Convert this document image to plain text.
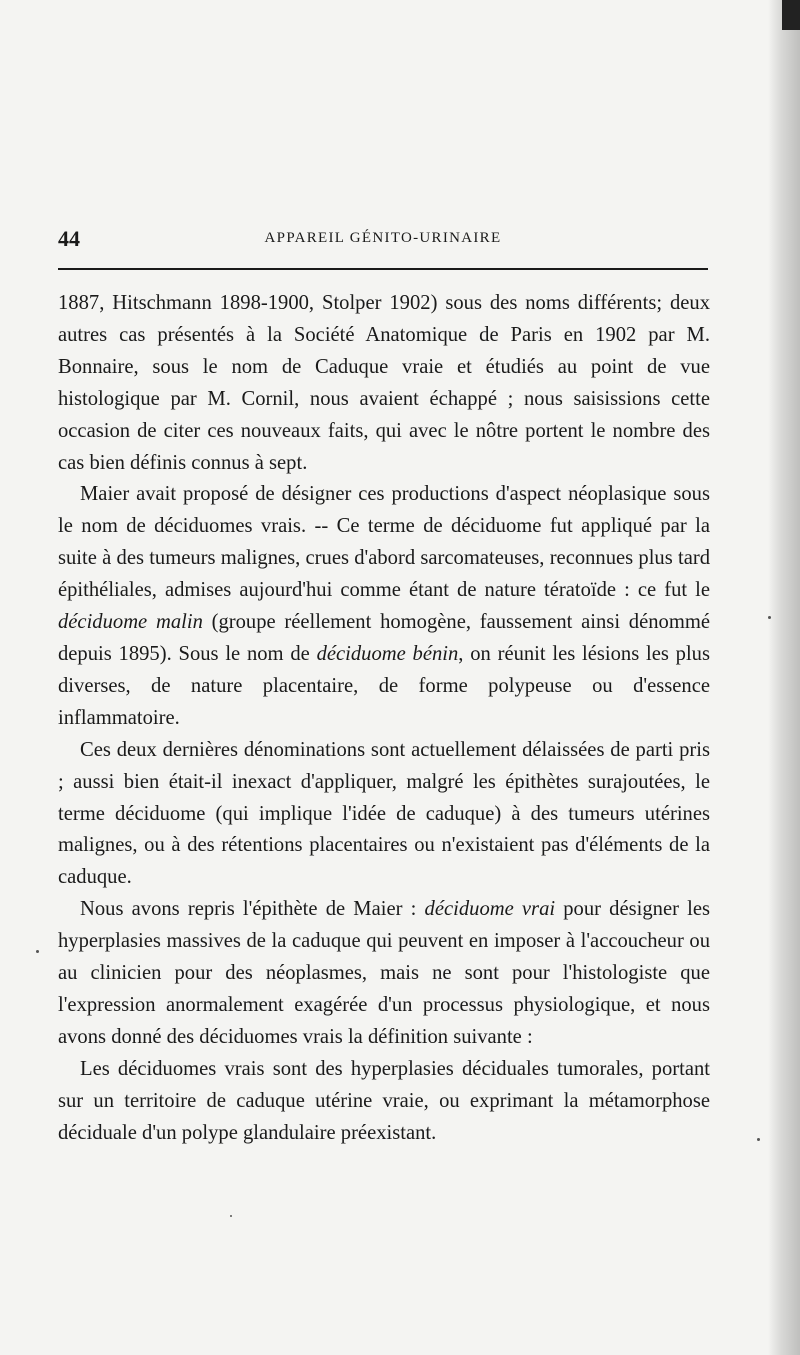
44	APPAREIL GÉNITO-URINAIRE

1887, Hitschmann 1898-1900, Stolper 1902) sous des noms différents; deux autres cas présentés à la Société Anatomique de Paris en 1902 par M. Bonnaire, sous le nom de Caduque vraie et étudiés au point de vue histologique par M. Cornil, nous avaient échappé ; nous saisissions cette occasion de citer ces nouveaux faits, qui avec le nôtre portent le nombre des cas bien définis connus à sept.

Maier avait proposé de désigner ces productions d'aspect néoplasique sous le nom de déciduomes vrais. -- Ce terme de déciduome fut appliqué par la suite à des tumeurs malignes, crues d'abord sarcomateuses, reconnues plus tard épithéliales, admises aujourd'hui comme étant de nature tératoïde : ce fut le déciduome malin (groupe réellement homogène, faussement ainsi dénommé depuis 1895). Sous le nom de déciduome bénin, on réunit les lésions les plus diverses, de nature placentaire, de forme polypeuse ou d'essence inflammatoire.

Ces deux dernières dénominations sont actuellement délaissées de parti pris ; aussi bien était-il inexact d'appliquer, malgré les épithètes surajoutées, le terme déciduome (qui implique l'idée de caduque) à des tumeurs utérines malignes, ou à des rétentions placentaires ou n'existaient pas d'éléments de la caduque.

Nous avons repris l'épithète de Maier : déciduome vrai pour désigner les hyperplasies massives de la caduque qui peuvent en imposer à l'accoucheur ou au clinicien pour des néoplasmes, mais ne sont pour l'histologiste que l'expression anormalement exagérée d'un processus physiologique, et nous avons donné des déciduomes vrais la définition suivante :

Les déciduomes vrais sont des hyperplasies déciduales tumorales, portant sur un territoire de caduque utérine vraie, ou exprimant la métamorphose déciduale d'un polype glandulaire préexistant.
